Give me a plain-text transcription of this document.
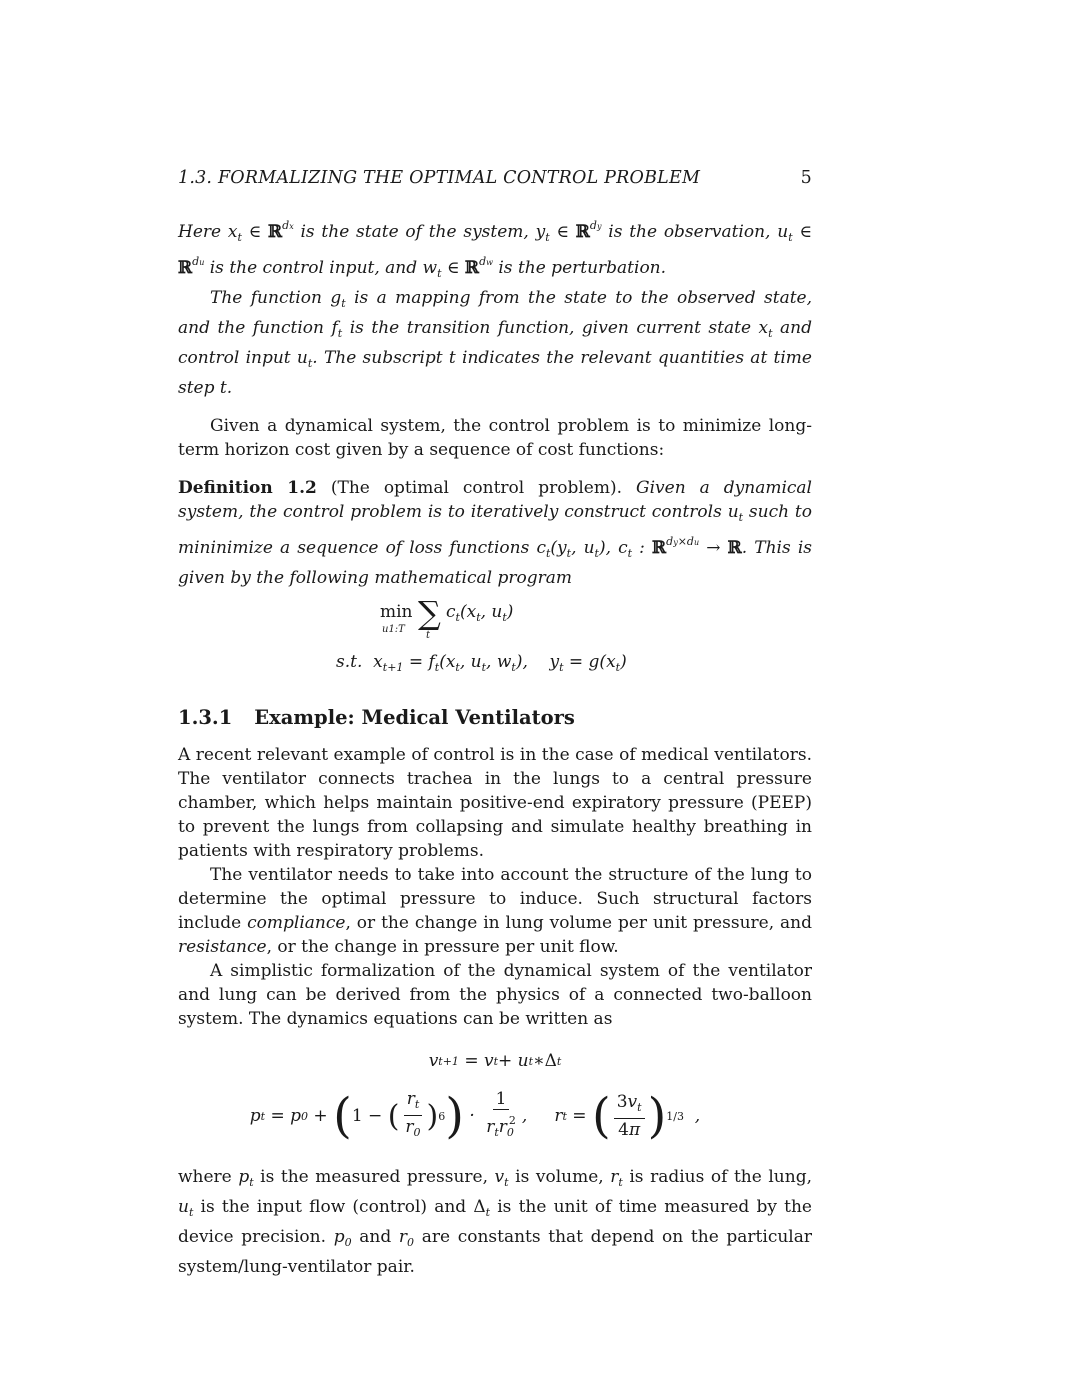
1.3. FORMALIZING THE OPTIMAL CONTROL PROBLEM	5

Here $x_t$ ∈ ℝ$^{dx}$ is the state of the system, $y_t$ ∈ ℝ$^{dy}$ is the observation, $u_t$ ∈ ℝ$^{du}$ is the control input, and $w_t$ ∈ ℝ$^{dw}$ is the perturbation.

The function $g_t$ is a mapping from the state to the observed state, and the function $f_t$ is the transition function, given current state $x_t$ and control input $u_t$. The subscript t indicates the relevant quantities at time step t.

Given a dynamical system, the control problem is to minimize long-term horizon cost given by a sequence of cost functions:

Definition 1.2 (The optimal control problem). Given a dynamical system, the control problem is to iteratively construct controls $u_t$ such to mininimize a sequence of loss functions $c_t(y_t$, $u_t$), $c_t$ : ℝ$^{dy\times du}$ → ℝ. This is given by the following mathematical program

min
u1:T ∑
t
$c_t(x_t$, $u_t$)
s.t.  $x_{t+1} = f_t(x_t$, $u_t$, $w_t$),    $y_t = g(x_t)$
1.3.1 Example: Medical Ventilators

A recent relevant example of control is in the case of medical ventilators. The ventilator connects trachea in the lungs to a central pressure chamber, which helps maintain positive-end expiratory pressure (PEEP) to prevent the lungs from collapsing and simulate healthy breathing in patients with respiratory problems.

The ventilator needs to take into account the structure of the lung to determine the optimal pressure to induce. Such structural factors include compliance, or the change in lung volume per unit pressure, and resistance, or the change in pressure per unit flow.

A simplistic formalization of the dynamical system of the ventilator and lung can be derived from the physics of a connected two-balloon system. The dynamics equations can be written as

v t+1 = v t + u t ∗ Δ t
p t = p 0 + ( 1 − ( $\frac{r_t}{r_0}$ ) 6 ) · $\frac{1}{r_tr_0^2}$ ,     r t = ( $\frac{3v_t}{4\pi}$ ) 1/3 ,

where $p_t$ is the measured pressure, $v_t$ is volume, $r_t$ is radius of the lung, $u_t$ is the input flow (control) and $\Delta_t$ is the unit of time measured by the device precision. $p_0$ and $r_0$ are constants that depend on the particular system/lung-ventilator pair.
